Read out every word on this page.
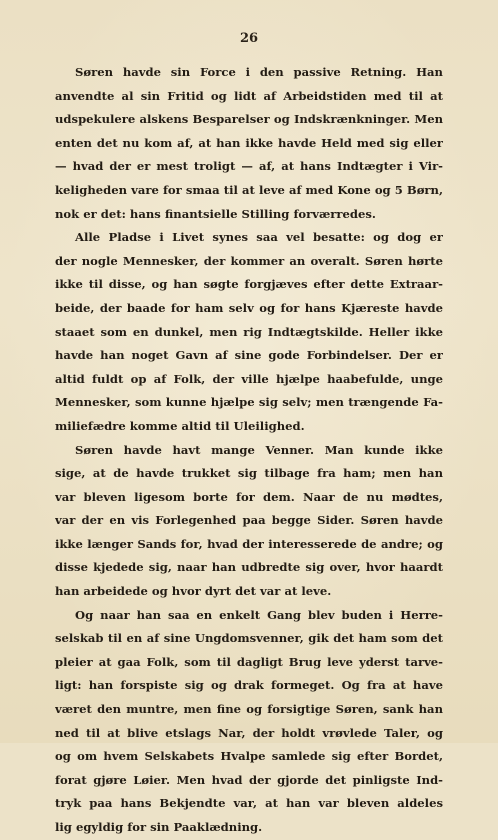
26
Søren havde sin Force i den passive Retning. Han
anvendte al sin Fritid og lidt af Arbeidstiden med til at
udspekulere alskens Besparelser og Indskrænkninger. Men
enten det nu kom af, at han ikke havde Held med sig eller
— hvad der er mest troligt — af, at hans Indtægter i Vir-
keligheden vare for smaa til at leve af med Kone og 5 Børn,
nok er det: hans finantsielle Stilling forværredes.
Alle Pladse i Livet synes saa vel besatte: og dog er
der nogle Mennesker, der kommer an overalt. Søren hørte
ikke til disse, og han søgte forgjæves efter dette Extraar-
beide, der baade for ham selv og for hans Kjæreste havde
staaet som en dunkel, men rig Indtægtskilde. Heller ikke
havde han noget Gavn af sine gode Forbindelser. Der er
altid fuldt op af Folk, der ville hjælpe haabefulde, unge
Mennesker, som kunne hjælpe sig selv; men trængende Fa-
miliefædre komme altid til Uleilighed.
Søren havde havt mange Venner. Man kunde ikke
sige, at de havde trukket sig tilbage fra ham; men han
var bleven ligesom borte for dem. Naar de nu mødtes,
var der en vis Forlegenhed paa begge Sider. Søren havde
ikke længer Sands for, hvad der interesserede de andre; og
disse kjedede sig, naar han udbredte sig over, hvor haardt
han arbeidede og hvor dyrt det var at leve.
Og naar han saa en enkelt Gang blev buden i Herre-
selskab til en af sine Ungdomsvenner, gik det ham som det
pleier at gaa Folk, som til dagligt Brug leve yderst tarve-
ligt: han forspiste sig og drak formeget. Og fra at have
været den muntre, men fine og forsigtige Søren, sank han
ned til at blive etslags Nar, der holdt vrøvlede Taler, og
og om hvem Selskabets Hvalpe samlede sig efter Bordet,
forat gjøre Løier. Men hvad der gjorde det pinligste Ind-
tryk paa hans Bekjendte var, at han var bleven aldeles
lig egyldig for sin Paaklædning.
